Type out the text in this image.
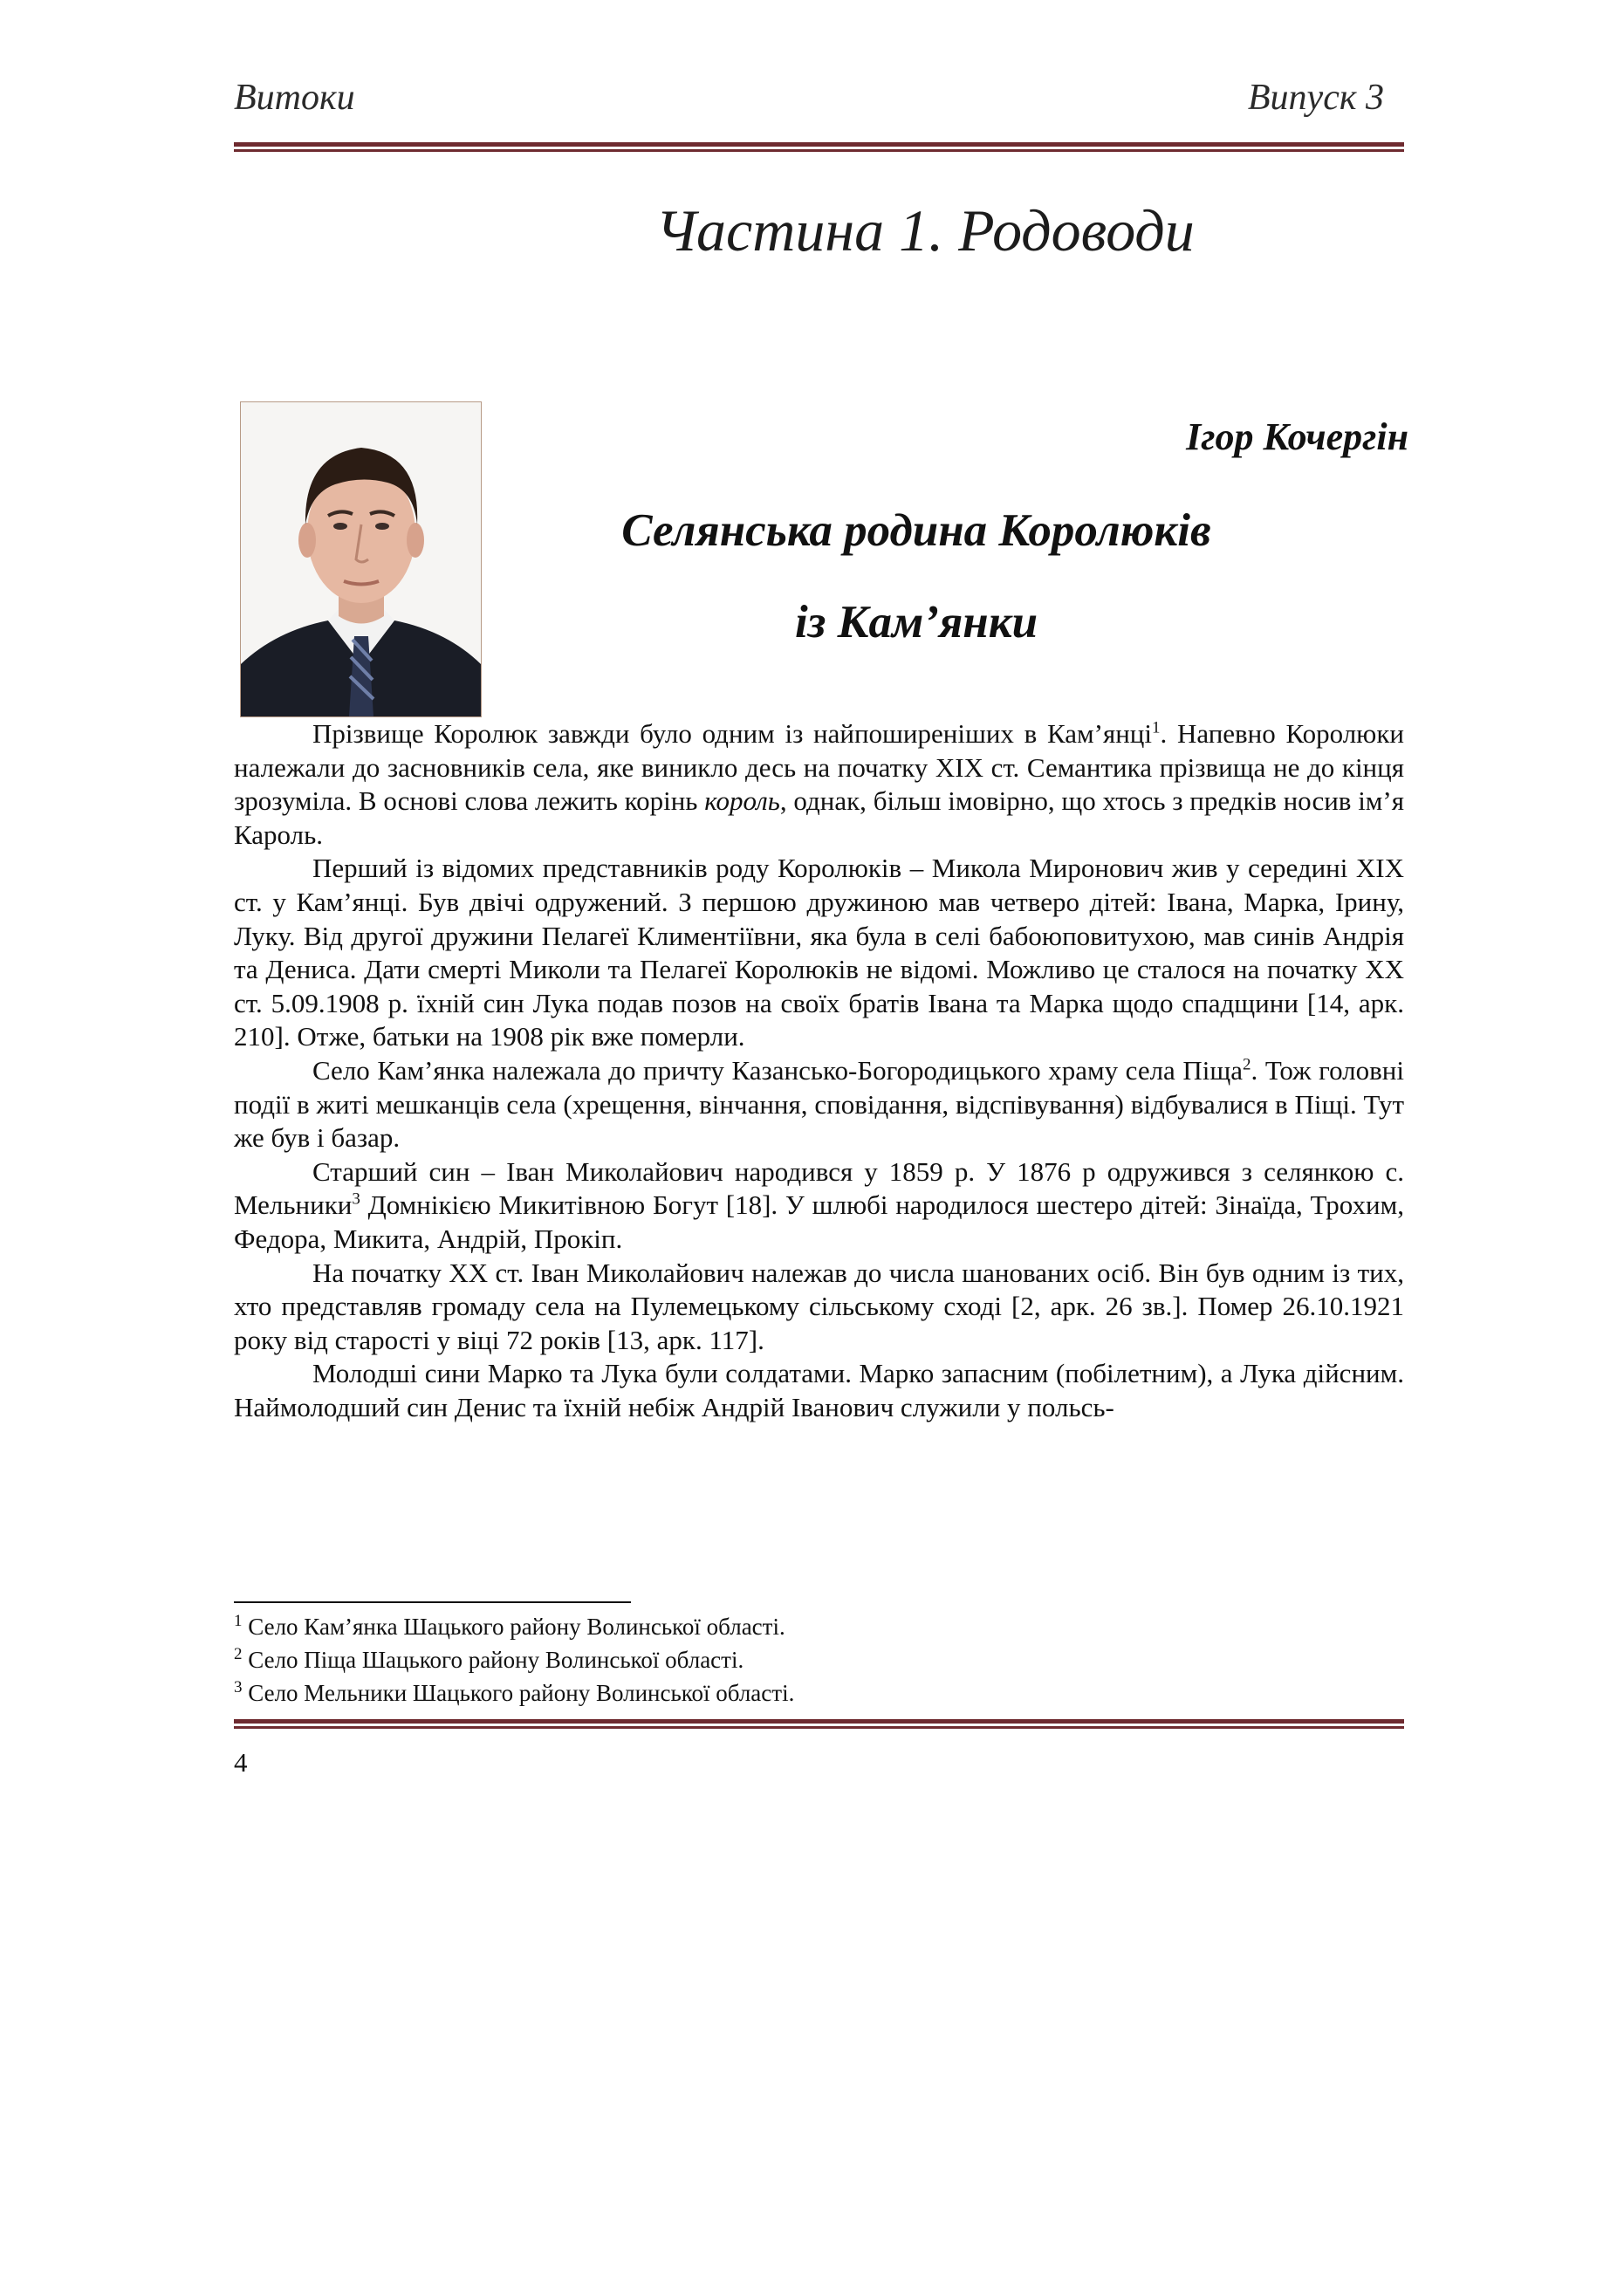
Витоки	Випуск 3
Частина 1. Родоводи
Ігор Кочергін
Селянська родина Королюків
із Кам’янки

Прізвище Королюк завжди було одним із найпоширеніших в Кам’янці$^1$. Напевно Королюки належали до засновників села, яке виникло десь на початку XIX ст. Семантика прізвища не до кінця зрозуміла. В основі слова лежить корінь король, однак, більш імовірно, що хтось з предків носив ім’я Кароль.

Перший із відомих представників роду Королюків – Микола Миронович жив у середині XIX ст. у Кам’янці. Був двічі одружений. З першою дружиною мав четверо дітей: Івана, Марка, Ірину, Луку. Від другої дружини Пелагеї Климентіївни, яка була в селі бабоюповитухою, мав синів Андрія та Дениса. Дати смерті Миколи та Пелагеї Королюків не відомі. Можливо це сталося на початку XX ст. 5.09.1908 р. їхній син Лука подав позов на своїх братів Івана та Марка щодо спадщини [14, арк. 210]. Отже, батьки на 1908 рік вже померли.

Село Кам’янка належала до причту Казансько-Богородицького храму села Піща$^2$. Тож головні події в житі мешканців села (хрещення, вінчання, сповідання, відспівування) відбувалися в Піщі. Тут же був і базар.

Старший син – Іван Миколайович народився у 1859 р. У 1876 р одружився з селянкою с. Мельники$^3$ Домнікією Микитівною Богут [18]. У шлюбі народилося шестеро дітей: Зінаїда, Трохим, Федора, Микита, Андрій, Прокіп.

На початку XX ст. Іван Миколайович належав до числа шанованих осіб. Він був одним із тих, хто представляв громаду села на Пулемецькому сільському сході [2, арк. 26 зв.]. Помер 26.10.1921 року від старості у віці 72 років [13, арк. 117].

Молодші сини Марко та Лука були солдатами. Марко запасним (побілетним), а Лука дійсним. Наймолодший син Денис та їхній небіж Андрій Іванович служили у польсь-

$^1$ Село Кам’янка Шацького району Волинської області.
$^2$ Село Піща Шацького району Волинської області.
$^3$ Село Мельники Шацького району Волинської області.
4
